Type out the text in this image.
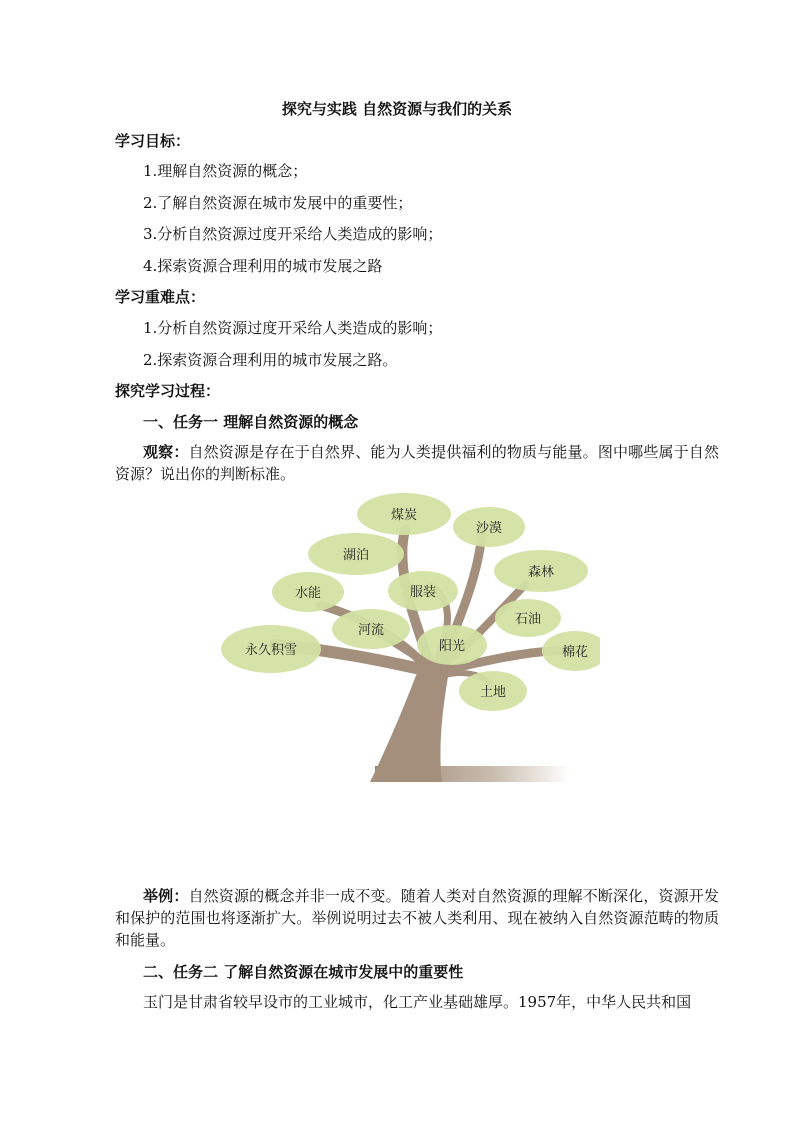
探究与实践 自然资源与我们的关系
学习目标：
1.理解自然资源的概念；
2.了解自然资源在城市发展中的重要性；
3.分析自然资源过度开采给人类造成的影响；
4.探索资源合理利用的城市发展之路
学习重难点：
1.分析自然资源过度开采给人类造成的影响；
2.探索资源合理利用的城市发展之路。
探究学习过程：
一、任务一 理解自然资源的概念
观察：自然资源是存在于自然界、能为人类提供福利的物质与能量。图中哪些属于自然资源？说出你的判断标准。
煤炭
沙漠
湖泊
森林
水能	服装
石油
河流
永久积雪	阳光	棉花
土地
举例：自然资源的概念并非一成不变。随着人类对自然资源的理解不断深化，资源开发和保护的范围也将逐渐扩大。举例说明过去不被人类利用、现在被纳入自然资源范畴的物质和能量。
二、任务二 了解自然资源在城市发展中的重要性
玉门是甘肃省较早设市的工业城市，化工产业基础雄厚。1957年，中华人民共和国
